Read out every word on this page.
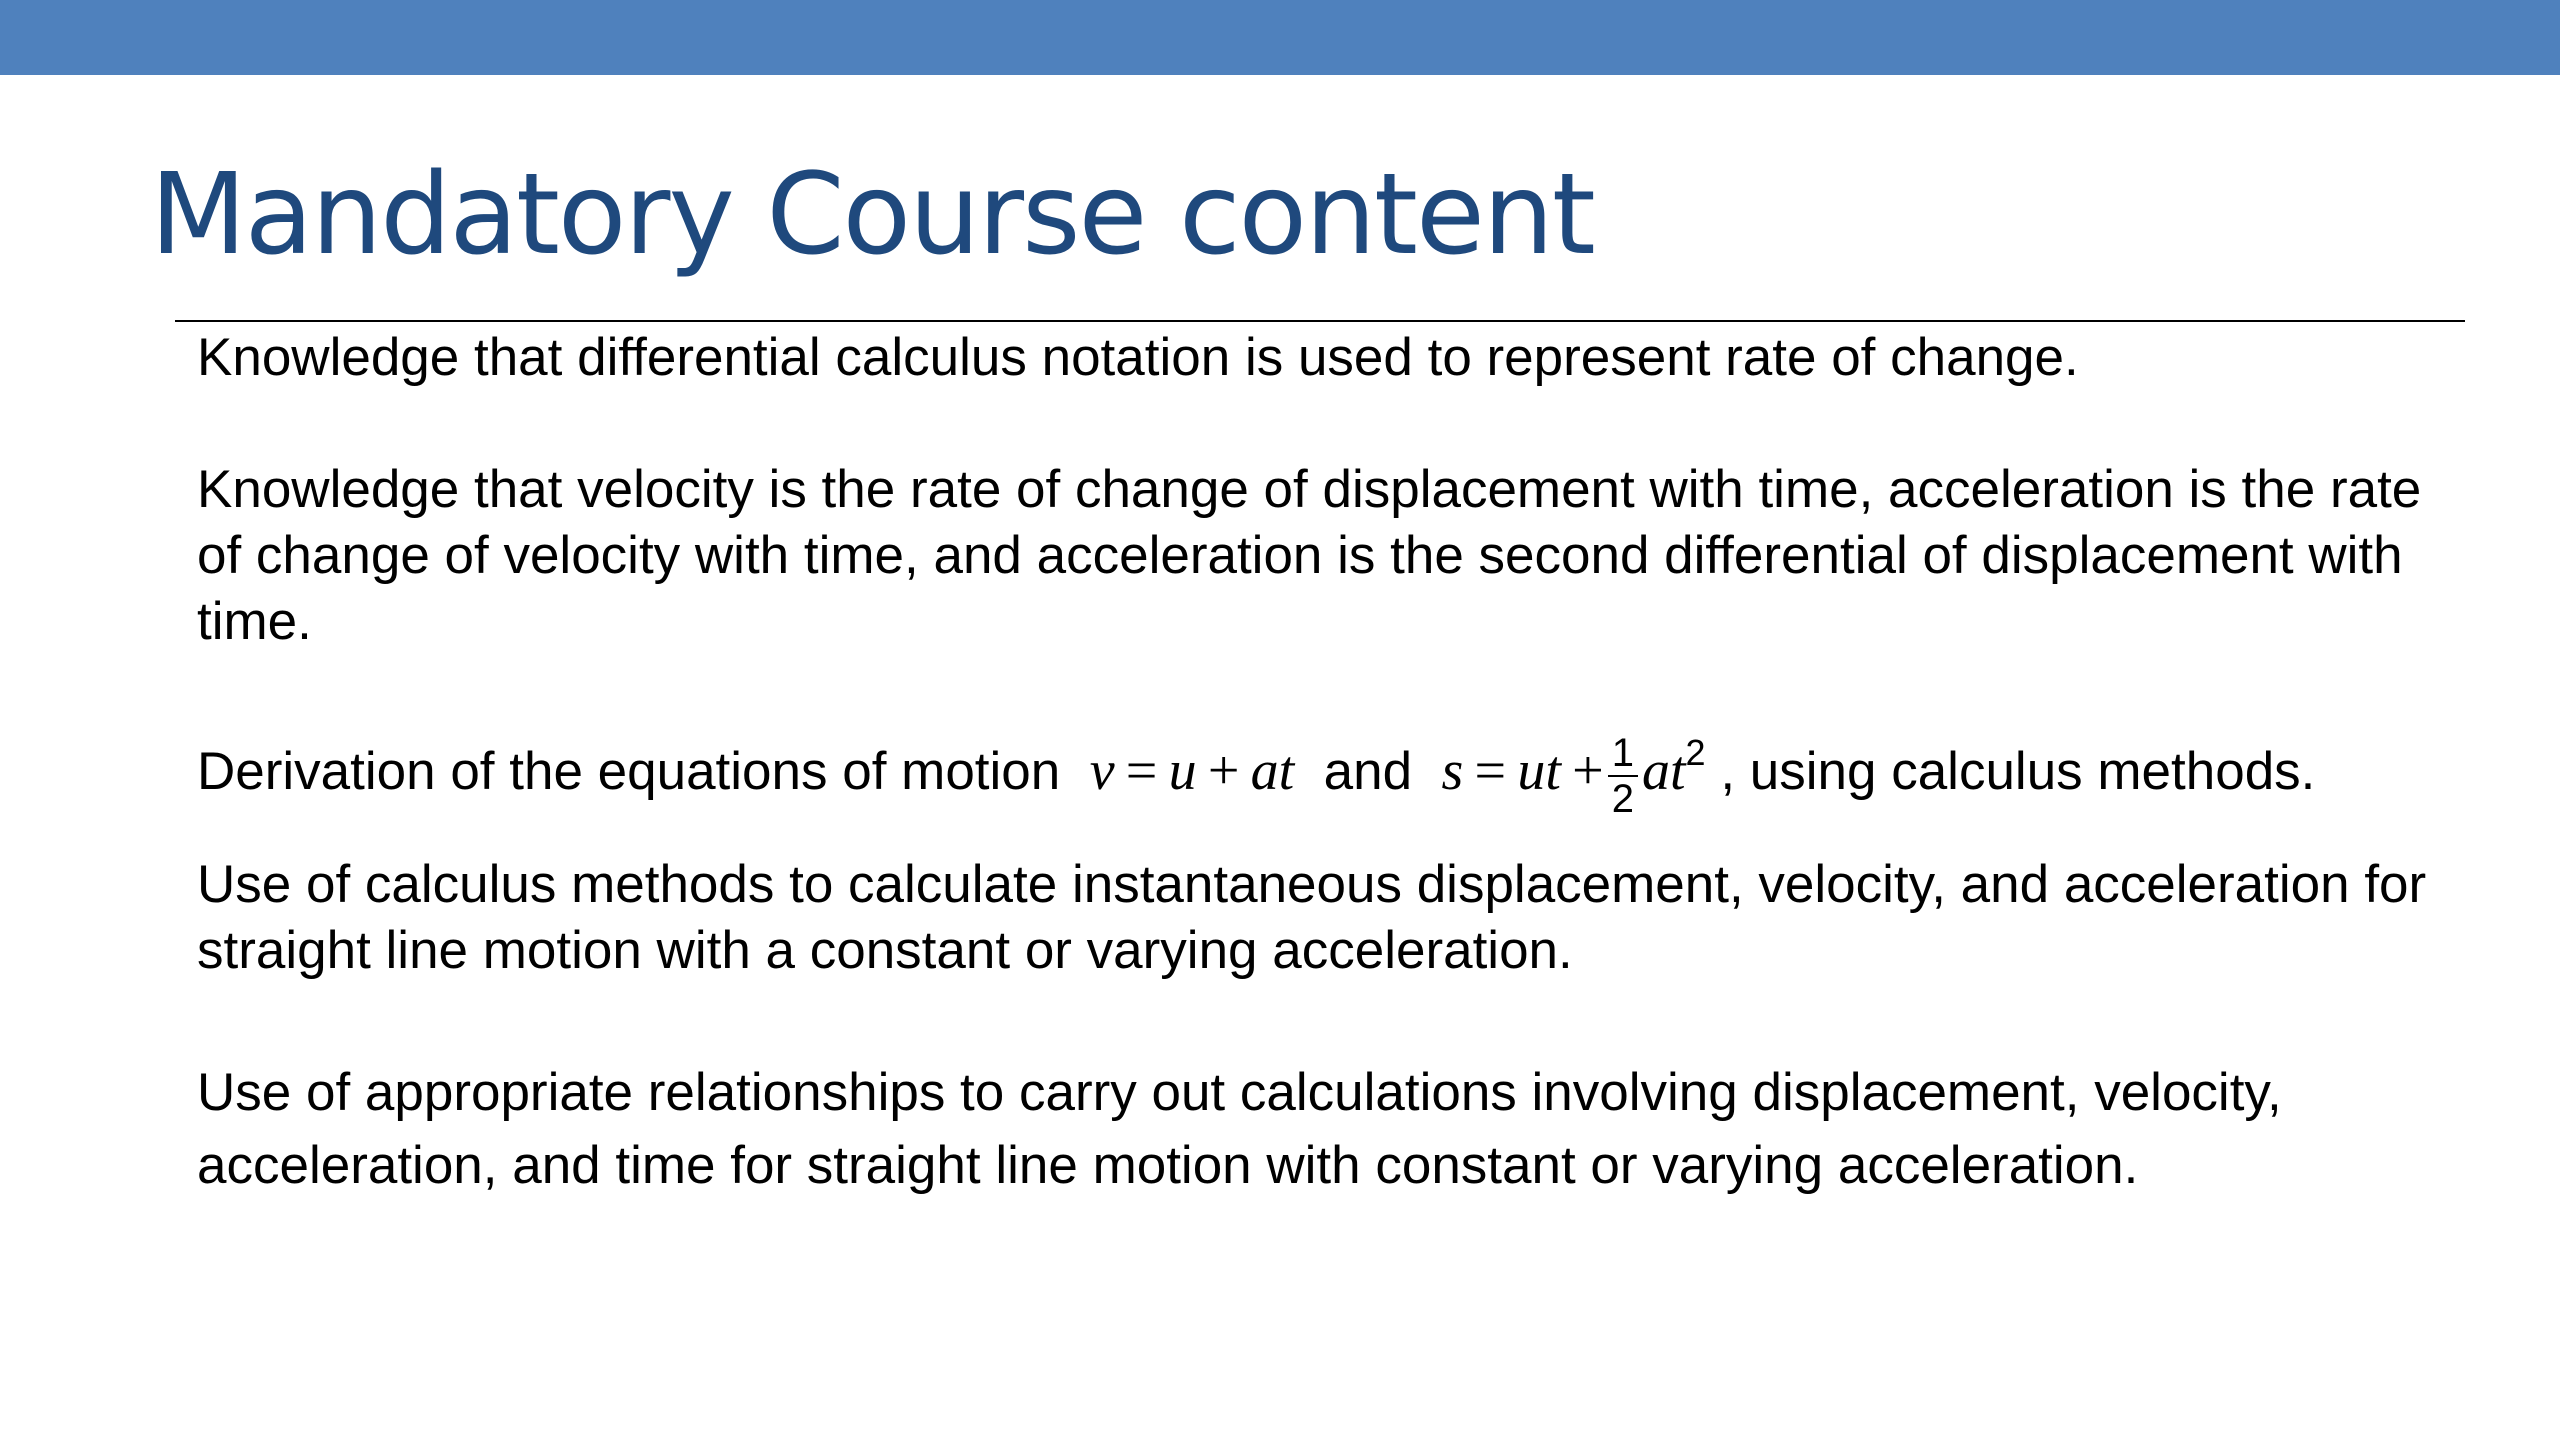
Mandatory Course content

Knowledge that differential calculus notation is used to represent rate of change.

Knowledge that velocity is the rate of change of displacement with time, acceleration is the rate of change of velocity with time, and acceleration is the second differential of displacement with time.

Derivation of the equations of motion v  =  u  +  at and s  =  ut  + $\frac{1}{2} at^2$ , using calculus methods.

Use of calculus methods to calculate instantaneous displacement, velocity, and acceleration for straight line motion with a constant or varying acceleration.

Use of appropriate relationships to carry out calculations involving displacement, velocity, acceleration, and time for straight line motion with constant or varying acceleration.
